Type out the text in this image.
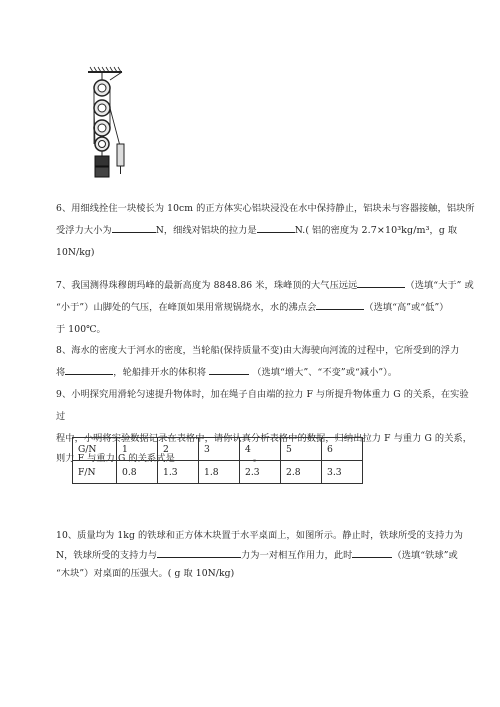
6、用细线拴住一块棱长为 10cm 的正方体实心铝块浸没在水中保持静止，铝块未与容器接触，铝块所
受浮力大小为	N，细线对铝块的拉力是	N.( 铝的密度为 2.7×10³kg/m³，g 取
10N/kg)
7、我国测得珠穆朗玛峰的最新高度为 8848.86 米，珠峰顶的大气压远远	（选填“大于” 或
“小于”）山脚处的气压，在峰顶如果用常规锅烧水，水的沸点会	（选填“高”或“低”）
于 100℃。
8、海水的密度大于河水的密度，当轮船(保持质量不变)由大海驶向河流的过程中，它所受到的浮力
将	，轮船排开水的体积将	（选填“增大”、“不变”或“减小”）。
9、小明探究用滑轮匀速提升物体时，加在绳子自由端的拉力 F 与所提升物体重力 G 的关系，在实验过
程中，小明将实验数据记录在表格中，请你认真分析表格中的数据，归纳出拉力 F 与重力 G 的关系，
则力 F 与重力 G 的关系式是	。
G/N	1	2	3	4	5	6
F/N	0.8	1.3	1.8	2.3	2.8	3.3
10、质量均为 1kg 的铁球和正方体木块置于水平桌面上，如图所示。静止时，铁球所受的支持力为
N，铁球所受的支持力与	力为一对相互作用力，此时	（选填“铁球”或
“木块”）对桌面的压强大。( g 取 10N/kg)
